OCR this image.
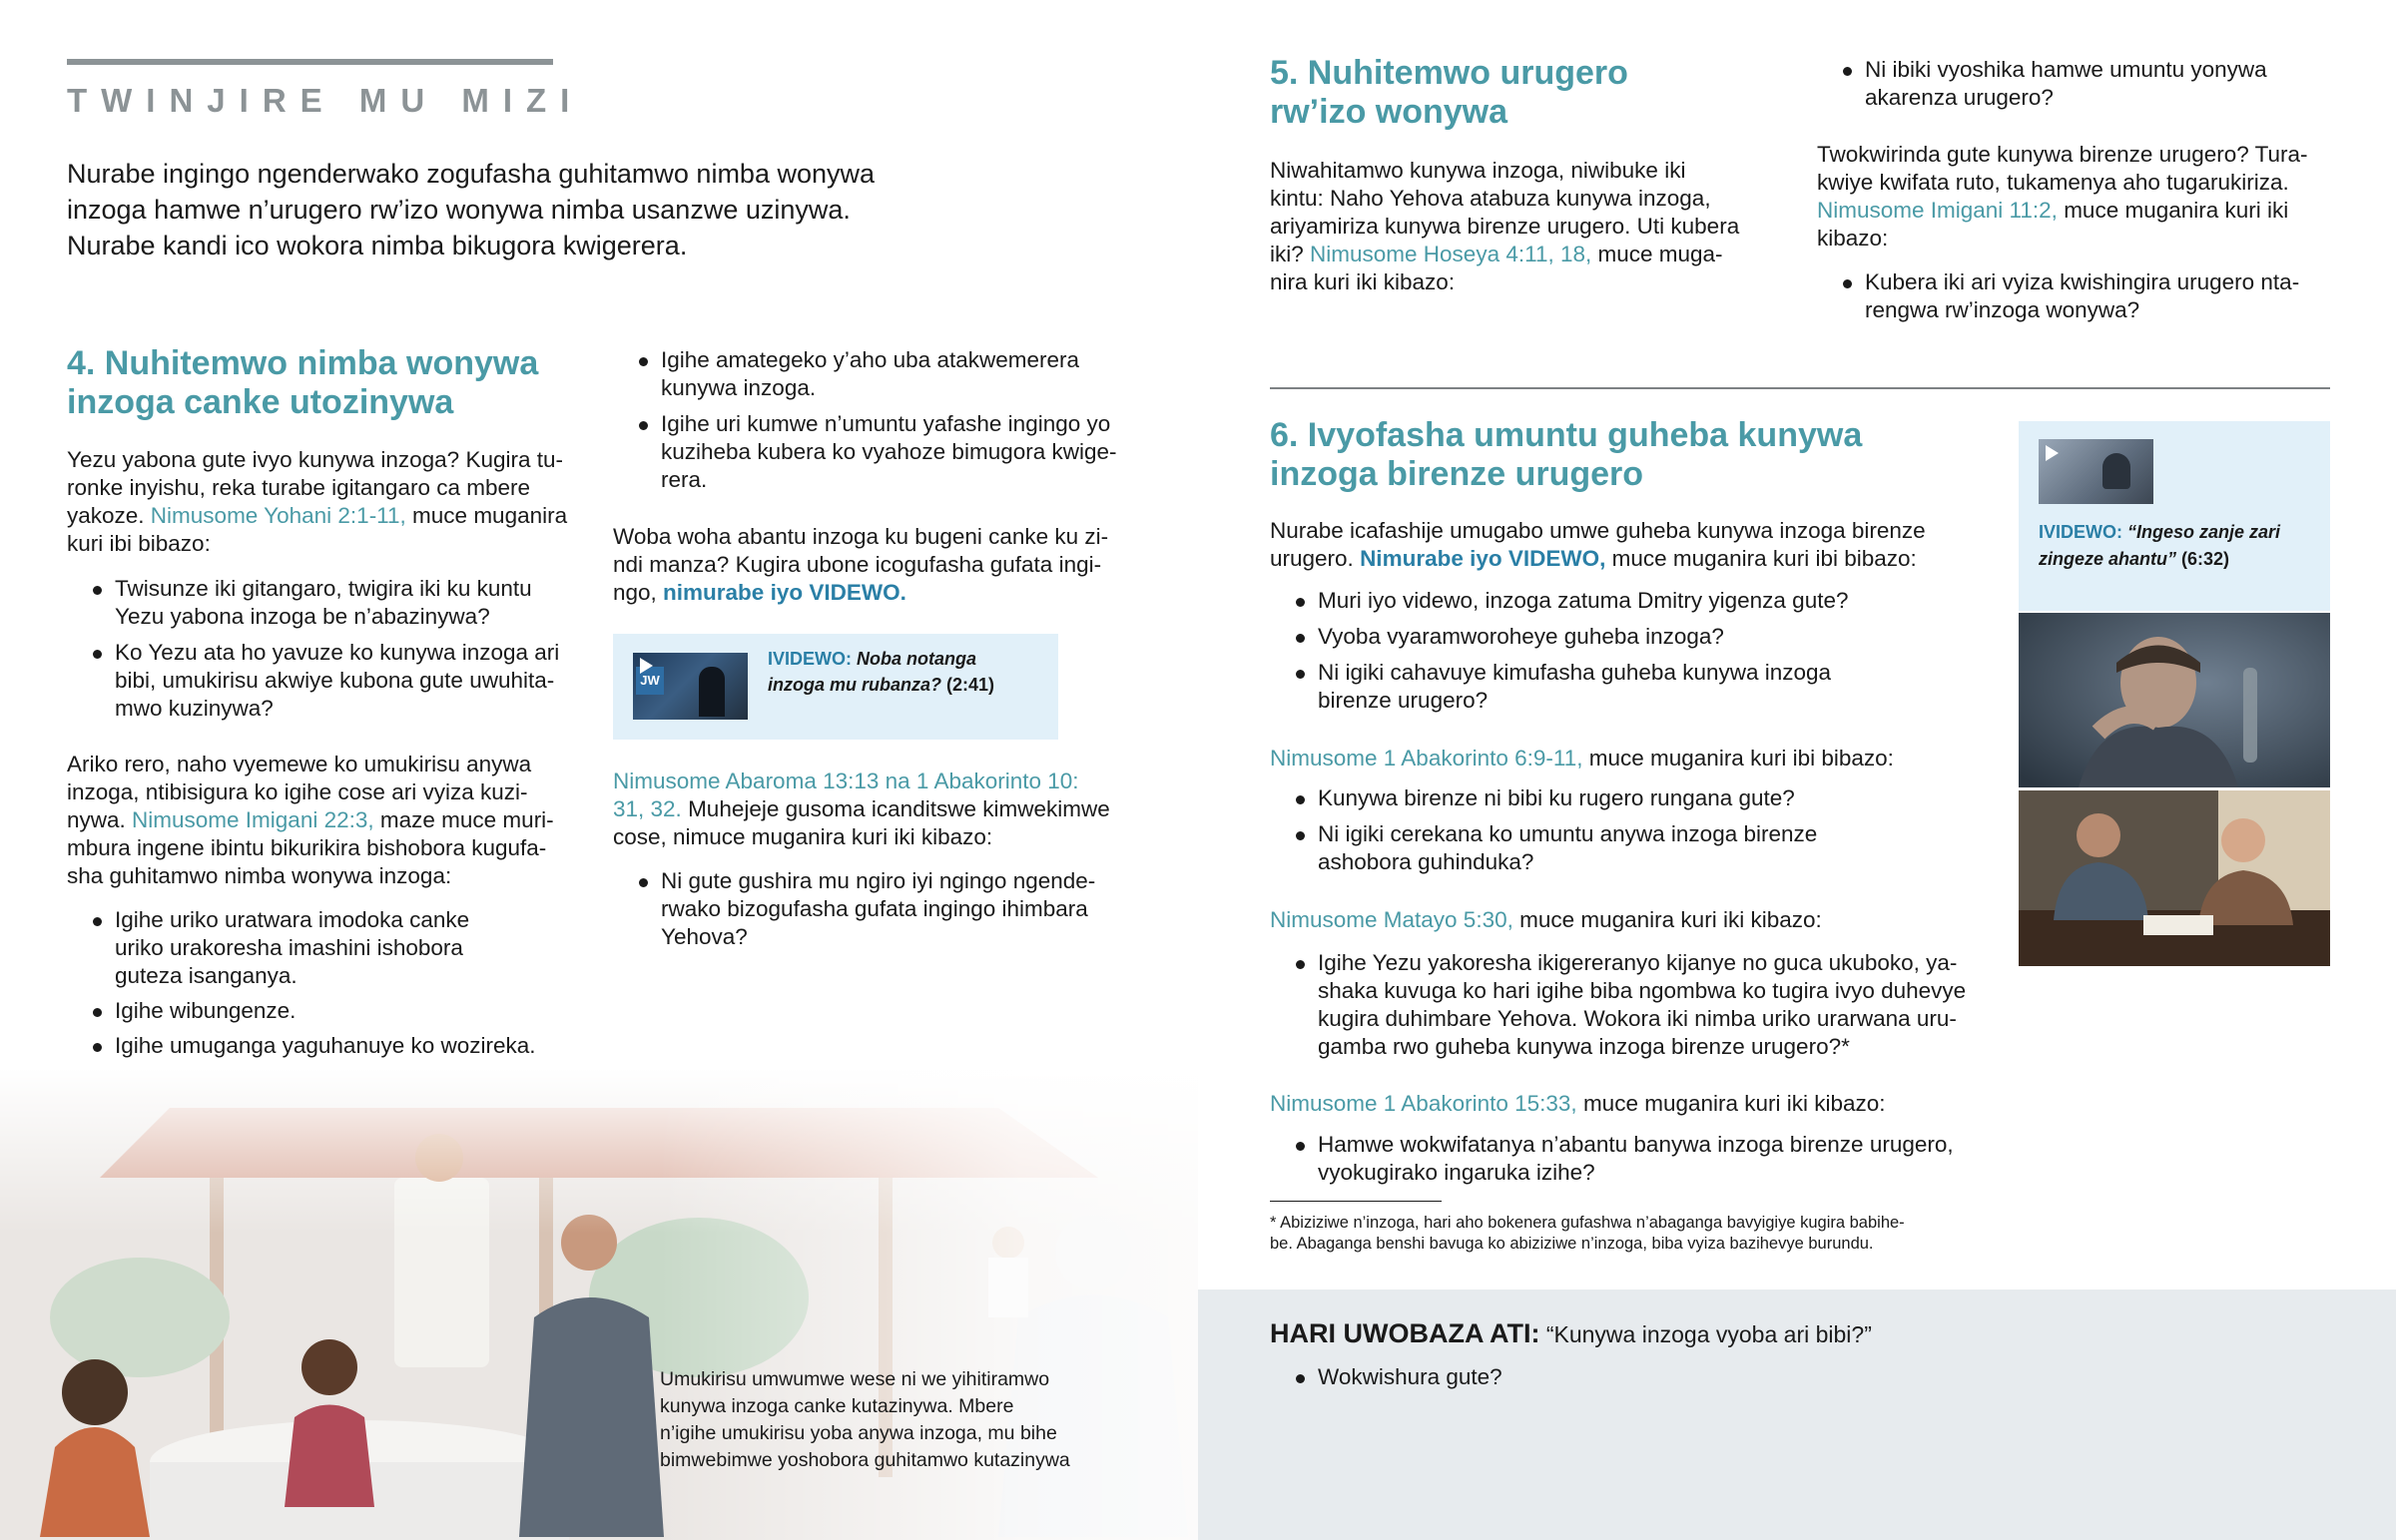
TWINJIRE MU MIZI
Nurabe ingingo ngenderwako zogufasha guhitamwo nimba wonywa
inzoga hamwe n’urugero rw’izo wonywa nimba usanzwe uzinywa.
Nurabe kandi ico wokora nimba bikugora kwigerera.
4. Nuhitemwo nimba wonywa
inzoga canke utozinywa
Yezu yabona gute ivyo kunywa inzoga? Kugira tu-
ronke inyishu, reka turabe igitangaro ca mbere
yakoze. Nimusome Yohani 2:1-11, muce muganira
kuri ibi bibazo:
Twisunze iki gitangaro, twigira iki ku kuntu
Yezu yabona inzoga be n’abazinywa?
Ko Yezu ata ho yavuze ko kunywa inzoga ari
bibi, umukirisu akwiye kubona gute uwuhita-
mwo kuzinywa?
Ariko rero, naho vyemewe ko umukirisu anywa
inzoga, ntibisigura ko igihe cose ari vyiza kuzi-
nywa. Nimusome Imigani 22:3, maze muce muri-
mbura ingene ibintu bikurikira bishobora kugufa-
sha guhitamwo nimba wonywa inzoga:
Igihe uriko uratwara imodoka canke
uriko urakoresha imashini ishobora
guteza isanganya.
Igihe wibungenze.
Igihe umuganga yaguhanuye ko wozireka.
Igihe amategeko y’aho uba atakwemerera
kunywa inzoga.
Igihe uri kumwe n’umuntu yafashe ingingo yo
kuziheba kubera ko vyahoze bimugora kwige-
rera.
Woba woha abantu inzoga ku bugeni canke ku zi-
ndi manza? Kugira ubone icogufasha gufata ingi-
ngo, nimurabe iyo VIDEWO.
JW
IVIDEWO: Noba notanga
inzoga mu rubanza? (2:41)
Nimusome Abaroma 13:13 na 1 Abakorinto 10:
31, 32. Muhejeje gusoma icanditswe kimwekimwe
cose, nimuce muganira kuri iki kibazo:
Ni gute gushira mu ngiro iyi ngingo ngende-
rwako bizogufasha gufata ingingo ihimbara
Yehova?
Umukirisu umwumwe wese ni we yihitiramwo
kunywa inzoga canke kutazinywa. Mbere
n’igihe umukirisu yoba anywa inzoga, mu bihe
bimwebimwe yoshobora guhitamwo kutazinywa
5. Nuhitemwo urugero
rw’izo wonywa
Niwahitamwo kunywa inzoga, niwibuke iki
kintu: Naho Yehova atabuza kunywa inzoga,
ariyamiriza kunywa birenze urugero. Uti kubera
iki? Nimusome Hoseya 4:11, 18, muce muga-
nira kuri iki kibazo:
Ni ibiki vyoshika hamwe umuntu yonywa
akarenza urugero?
Twokwirinda gute kunywa birenze urugero? Tura-
kwiye kwifata ruto, tukamenya aho tugarukiriza.
Nimusome Imigani 11:2, muce muganira kuri iki
kibazo:
Kubera iki ari vyiza kwishingira urugero nta-
rengwa rw’inzoga wonywa?
6. Ivyofasha umuntu guheba kunywa
inzoga birenze urugero
Nurabe icafashije umugabo umwe guheba kunywa inzoga birenze
urugero. Nimurabe iyo VIDEWO, muce muganira kuri ibi bibazo:
Muri iyo videwo, inzoga zatuma Dmitry yigenza gute?
Vyoba vyaramworoheye guheba inzoga?
Ni igiki cahavuye kimufasha guheba kunywa inzoga
birenze urugero?
Nimusome 1 Abakorinto 6:9-11, muce muganira kuri ibi bibazo:
Kunywa birenze ni bibi ku rugero rungana gute?
Ni igiki cerekana ko umuntu anywa inzoga birenze
ashobora guhinduka?
Nimusome Matayo 5:30, muce muganira kuri iki kibazo:
Igihe Yezu yakoresha ikigereranyo kijanye no guca ukuboko, ya-
shaka kuvuga ko hari igihe biba ngombwa ko tugira ivyo duhevye
kugira duhimbare Yehova. Wokora iki nimba uriko urarwana uru-
gamba rwo guheba kunywa inzoga birenze urugero?*
Nimusome 1 Abakorinto 15:33, muce muganira kuri iki kibazo:
Hamwe wokwifatanya n’abantu banywa inzoga birenze urugero,
vyokugirako ingaruka izihe?
* Abiziziwe n’inzoga, hari aho bokenera gufashwa n’abaganga bavyigiye kugira babihe-
be. Abaganga benshi bavuga ko abiziziwe n’inzoga, biba vyiza bazihevye burundu.
IVIDEWO: “Ingeso zanje zari
zingeze ahantu” (6:32)
HARI UWOBAZA ATI: “Kunywa inzoga vyoba ari bibi?”
Wokwishura gute?
